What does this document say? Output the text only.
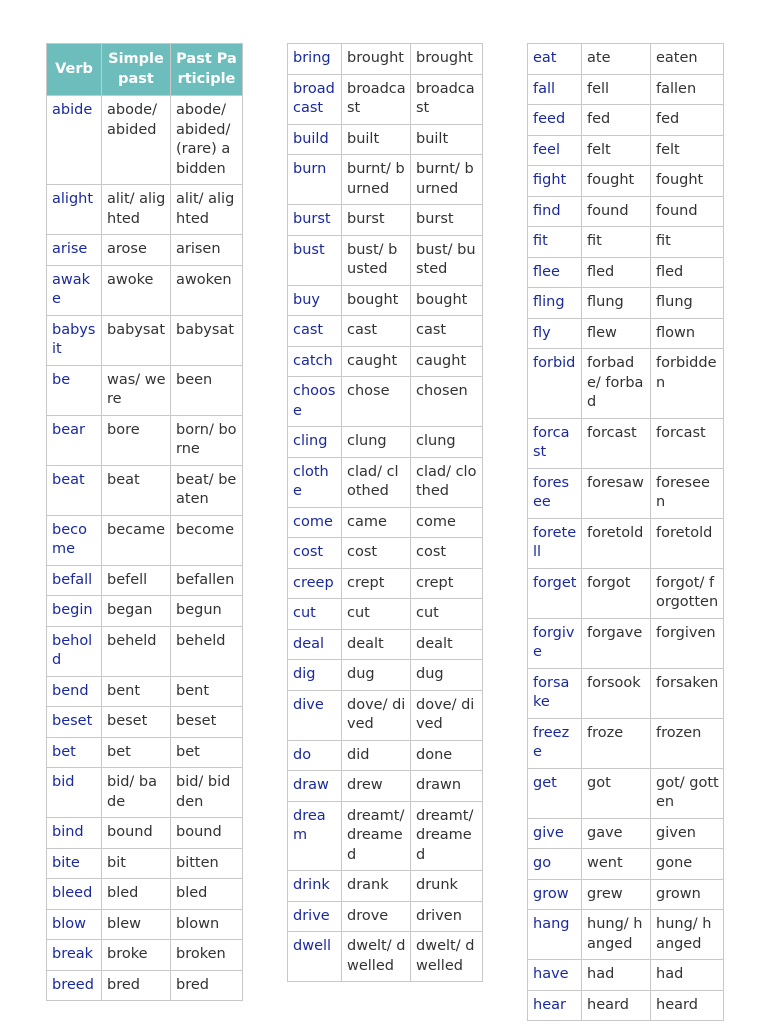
Verb	Simple past	Past Participle
abide	abode/ abided	abode/ abided/ (rare) abidden
alight	alit/ alighted	alit/ alighted
arise	arose	arisen
awake	awoke	awoken
babysit	babysat	babysat
be	was/ were	been
bear	bore	born/ borne
beat	beat	beat/ beaten
become	became	become
befall	befell	befallen
begin	began	begun
behold	beheld	beheld
bend	bent	bent
beset	beset	beset
bet	bet	bet
bid	bid/ bade	bid/ bidden
bind	bound	bound
bite	bit	bitten
bleed	bled	bled
blow	blew	blown
break	broke	broken
breed	bred	bred
bring	brought	brought
broadcast	broadcast	broadcast
build	built	built
burn	burnt/ burned	burnt/ burned
burst	burst	burst
bust	bust/ busted	bust/ busted
buy	bought	bought
cast	cast	cast
catch	caught	caught
choose	chose	chosen
cling	clung	clung
clothe	clad/ clothed	clad/ clothed
come	came	come
cost	cost	cost
creep	crept	crept
cut	cut	cut
deal	dealt	dealt
dig	dug	dug
dive	dove/ dived	dove/ dived
do	did	done
draw	drew	drawn
dream	dreamt/ dreamed	dreamt/ dreamed
drink	drank	drunk
drive	drove	driven
dwell	dwelt/ dwelled	dwelt/ dwelled
eat	ate	eaten
fall	fell	fallen
feed	fed	fed
feel	felt	felt
fight	fought	fought
find	found	found
fit	fit	fit
flee	fled	fled
fling	flung	flung
fly	flew	flown
forbid	forbade/ forbad	forbidden
forcast	forcast	forcast
foresee	foresaw	foreseen
foretell	foretold	foretold
forget	forgot	forgot/ forgotten
forgive	forgave	forgiven
forsake	forsook	forsaken
freeze	froze	frozen
get	got	got/ gotten
give	gave	given
go	went	gone
grow	grew	grown
hang	hung/ hanged	hung/ hanged
have	had	had
hear	heard	heard
